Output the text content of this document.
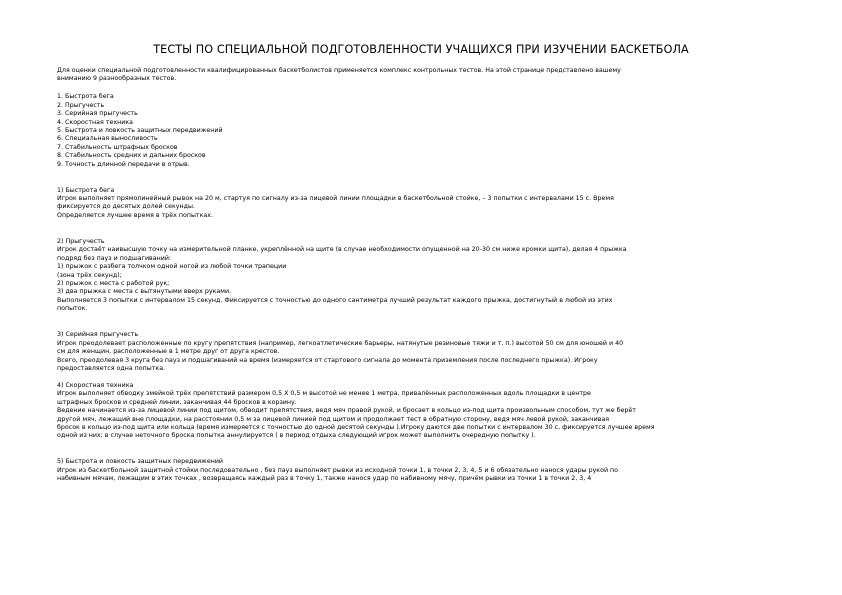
ТЕСТЫ ПО СПЕЦИАЛЬНОЙ ПОДГОТОВЛЕННОСТИ УЧАЩИХСЯ ПРИ ИЗУЧЕНИИ БАСКЕТБОЛА
Для оценки специальной подготовленности квалифицированных баскетболистов применяется комплекс контрольных тестов. На этой странице представлено вашему
вниманию 9 разнообразных тестов.
1. Быстрота бега
2. Прыгучесть
3. Серийная прыгучесть
4. Скоростная техника
5. Быстрота и ловкость защитных передвижений
6. Специальная выносливость
7. Стабильность штрафных бросков
8. Стабильность средних и дальних бросков
9. Точность длинной передачи в отрыв.
1) Быстрота бега
Игрок выполняет прямолинейный рывок на 20 м, стартуя по сигналу из-за лицевой линии площадки в баскетбольной стойке, – 3 попытки с интервалами 15 с. Время
фиксируется до десятых долей секунды.
Определяется лучшее время в трёх попытках.
2) Прыгучесть
Игрок достаёт наивысшую точку на измерительной планке, укреплённой на щите (в случае необходимости опущенной на 20-30 см ниже кромки щита), делая 4 прыжка
подряд без пауз и подшагиваний:
1) прыжок с разбега толчком одной ногой из любой точки трапеции
(зона трёх секунд);
2) прыжок с места с работой рук;
3) два прыжка с места с вытянутыми вверх руками.
Выполняется 3 попытки с интервалом 15 секунд. Фиксируется с точностью до одного сантиметра лучший результат каждого прыжка, достигнутый в любой из этих
попыток.
3) Серийная прыгучесть
Игрок преодолевает расположенные по кругу препятствия (например, легкоатлетические барьеры, натянутые резиновые тяжи и т. п.) высотой 50 см для юношей и 40
см для женщин, расположенные в 1 метре друг от друга крестов.
Всего, преодолевая 3 круга без пауз и подшагиваний на время (измеряется от стартового сигнала до момента приземления после последнего прыжка). Игроку
предоставляется одна попытка.
4) Скоростная техника
Игрок выполняет обводку змейкой трёх препятствий размером 0,5 Х 0,5 м высотой не менее 1 метра, привалённых расположенных вдоль площадки в центре
штрафных бросков и средней линии, заканчивая 44 бросков в корзину.
Ведение начинается из-за лицевой линии под щитом, обводит препятствия, ведя мяч правой рукой, и бросает в кольцо из-под щита произвольным способом, тут же берёт
другой мяч, лежащий вне площадки, на расстоянии 0,5 м за лицевой линией под щитом и продолжает тест в обратную сторону, ведя мяч левой рукой, заканчивая
бросок в кольцо из-под щита или кольца (время измеряется с точностью до одной десятой секунды ).Игроку даются две попытки с интервалом 30 с, фиксируется лучшее время
одной из них; в случае неточного броска попытка аннулируется ( в период отдыха следующий игрок может выполнить очередную попытку ).
5) Быстрота и ловкость защитных передвижений
Игрок из баскетбольной защитной стойки последовательно , без пауз выполняет рывки из исходной точки 1, в точки 2, 3, 4, 5 и 6 обязательно нанося удары рукой по
набивным мячам, лежащим в этих точках , возвращаясь каждый раз в точку 1, также нанося удар по набивному мячу, причём рывки из точки 1 в точки 2, 3, 4
